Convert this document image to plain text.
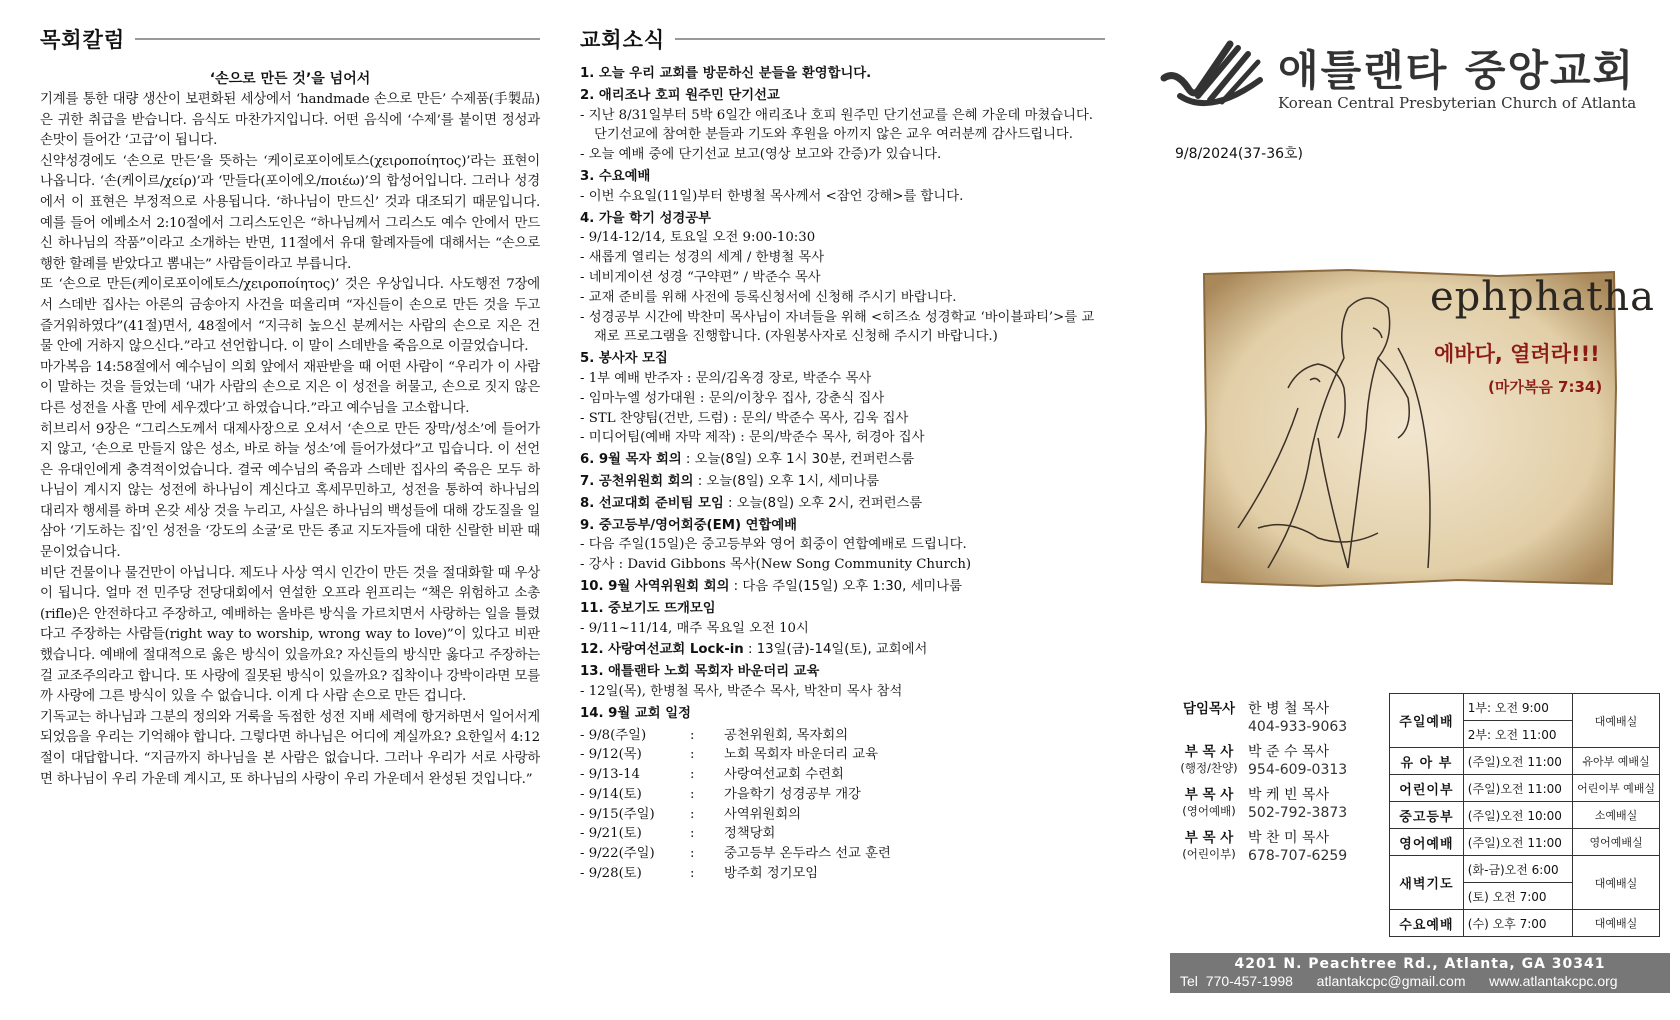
목회칼럼
‘손으로 만든 것’을 넘어서

기계를 통한 대량 생산이 보편화된 세상에서 ‘handmade 손으로 만든’ 수제품(手製品)은 귀한 취급을 받습니다. 음식도 마찬가지입니다. 어떤 음식에 ‘수제’를 붙이면 정성과 손맛이 들어간 ‘고급’이 됩니다.

신약성경에도 ‘손으로 만든’을 뜻하는 ‘케이로포이에토스(χειροποίητος)’라는 표현이 나옵니다. ‘손(케이르/χείρ)’과 ‘만들다(포이에오/ποιέω)’의 합성어입니다. 그러나 성경에서 이 표현은 부정적으로 사용됩니다. ‘하나님이 만드신’ 것과 대조되기 때문입니다. 예를 들어 에베소서 2:10절에서 그리스도인은 “하나님께서 그리스도 예수 안에서 만드신 하나님의 작품”이라고 소개하는 반면, 11절에서 유대 할례자들에 대해서는 “손으로 행한 할례를 받았다고 뽐내는” 사람들이라고 부릅니다.

또 ‘손으로 만든(케이로포이에토스/χειροποίητος)’ 것은 우상입니다. 사도행전 7장에서 스데반 집사는 아론의 금송아지 사건을 떠올리며 “자신들이 손으로 만든 것을 두고 즐거워하였다”(41절)면서, 48절에서 “지극히 높으신 분께서는 사람의 손으로 지은 건물 안에 거하지 않으신다.”라고 선언합니다. 이 말이 스데반을 죽음으로 이끌었습니다.

마가복음 14:58절에서 예수님이 의회 앞에서 재판받을 때 어떤 사람이 “우리가 이 사람이 말하는 것을 들었는데 ‘내가 사람의 손으로 지은 이 성전을 허물고, 손으로 짓지 않은 다른 성전을 사흘 만에 세우겠다’고 하였습니다.”라고 예수님을 고소합니다.

히브리서 9장은 “그리스도께서 대제사장으로 오셔서 ‘손으로 만든 장막/성소’에 들어가지 않고, ‘손으로 만들지 않은 성소, 바로 하늘 성소’에 들어가셨다”고 밉습니다. 이 선언은 유대인에게 충격적이었습니다. 결국 예수님의 죽음과 스데반 집사의 죽음은 모두 하나님이 계시지 않는 성전에 하나님이 계신다고 혹세무민하고, 성전을 통하여 하나님의 대리자 행세를 하며 온갖 세상 것을 누리고, 사실은 하나님의 백성들에 대해 강도질을 일삼아 ‘기도하는 집’인 성전을 ‘강도의 소굴’로 만든 종교 지도자들에 대한 신랄한 비판 때문이었습니다.

비단 건물이나 물건만이 아닙니다. 제도나 사상 역시 인간이 만든 것을 절대화할 때 우상이 됩니다. 얼마 전 민주당 전당대회에서 연설한 오프라 윈프리는 “책은 위험하고 소총(rifle)은 안전하다고 주장하고, 예배하는 올바른 방식을 가르치면서 사랑하는 일을 틀렸다고 주장하는 사람들(right way to worship, wrong way to love)”이 있다고 비판했습니다. 예배에 절대적으로 옳은 방식이 있을까요? 자신들의 방식만 옳다고 주장하는 걸 교조주의라고 합니다. 또 사랑에 질못된 방식이 있을까요? 집착이나 강박이라면 모를까 사랑에 그른 방식이 있을 수 없습니다. 이게 다 사람 손으로 만든 겁니다.

기독교는 하나님과 그분의 정의와 거룩을 독점한 성전 지배 세력에 항거하면서 일어서게 되었음을 우리는 기억해야 합니다. 그렇다면 하나님은 어디에 계실까요? 요한일서 4:12절이 대답합니다. “지금까지 하나님을 본 사람은 없습니다. 그러나 우리가 서로 사랑하면 하나님이 우리 가운데 계시고, 또 하나님의 사랑이 우리 가운데서 완성된 것입니다.”

교회소식
1. 오늘 우리 교회를 방문하신 분들을 환영합니다.
2. 애리조나 호피 원주민 단기선교

- 지난 8/31일부터 5박 6일간 애리조나 호피 원주민 단기선교를 은혜 가운데 마쳤습니다. 단기선교에 참여한 분들과 기도와 후원을 아끼지 않은 교우 여러분께 감사드립니다.

- 오늘 예배 중에 단기선교 보고(영상 보고와 간증)가 있습니다.

3. 수요예배

- 이번 수요일(11일)부터 한병철 목사께서 <잠언 강해>를 합니다.

4. 가을 학기 성경공부

- 9/14-12/14, 토요일 오전 9:00-10:30

- 새롭게 열리는 성경의 세계 / 한병철 목사

- 네비게이션 성경 “구약편” / 박준수 목사

- 교재 준비를 위해 사전에 등록신청서에 신청해 주시기 바랍니다.

- 성경공부 시간에 박찬미 목사님이 자녀들을 위해 <히즈쇼 성경학교 ‘바이블파티’>를 교재로 프로그램을 진행합니다. (자원봉사자로 신청해 주시기 바랍니다.)

5. 봉사자 모집

- 1부 예배 반주자 : 문의/김옥경 장로, 박준수 목사

- 임마누엘 성가대원 : 문의/이창우 집사, 강춘식 집사

- STL 찬양팀(건반, 드럼) : 문의/ 박준수 목사, 김욱 집사

- 미디어팀(예배 자막 제작) : 문의/박준수 목사, 허경아 집사

6. 9월 목자 회의 : 오늘(8일) 오후 1시 30분, 컨퍼런스룸
7. 공천위원회 회의 : 오늘(8일) 오후 1시, 세미나룸
8. 선교대회 준비팀 모임 : 오늘(8일) 오후 2시, 컨퍼런스룸
9. 중고등부/영어회중(EM) 연합예배

- 다음 주일(15일)은 중고등부와 영어 회중이 연합예배로 드립니다.

- 강사 : David Gibbons 목사(New Song Community Church)

10. 9월 사역위원회 회의 : 다음 주일(15일) 오후 1:30, 세미나룸
11. 중보기도 뜨개모임

- 9/11~11/14, 매주 목요일 오전 10시

12. 사랑여선교회 Lock-in : 13일(금)-14일(토), 교회에서
13. 애틀랜타 노회 목회자 바운더리 교육

- 12일(목), 한병철 목사, 박준수 목사, 박찬미 목사 참석

14. 9월 교회 일정
- 9/8(주일)	:	공천위원회, 목자회의
- 9/12(목)	:	노회 목회자 바운더리 교육
- 9/13-14	:	사랑여선교회 수련회
- 9/14(토)	:	가을학기 성경공부 개강
- 9/15(주일)	:	사역위원회의
- 9/21(토)	:	정책당회
- 9/22(주일)	:	중고등부 온두라스 선교 훈련
- 9/28(토)	:	방주회 정기모임
애틀랜타 중앙교회
Korean Central Presbyterian Church of Atlanta
9/8/2024(37-36호)
ephphatha
에바다, 열려라!!!
(마가복음 7:34)
담임목사 한 병 철 목사
404-933-9063
부 목 사
(행정/찬양)
박 준 수 목사
954-609-0313
부 목 사
(영어예배)
박 케 빈 목사
502-792-3873
부 목 사
(어린이부)
박 찬 미 목사
678-707-6259
주일예배	1부: 오전 9:00	대예배실
	2부: 오전 11:00	
유 아 부	(주일)오전 11:00	유아부 예배실
어린이부	(주일)오전 11:00	어린이부 예배실
중고등부	(주일)오전 10:00	소예배실
영어예배	(주일)오전 11:00	영어예배실
새벽기도	(화-금)오전 6:00	대예배실
	(토) 오전 7:00	
수요예배	(수) 오후 7:00	대예배실
4201 N. Peachtree Rd., Atlanta, GA 30341
Tel 770-457-1998 atlantakcpc@gmail.com www.atlantakcpc.org
